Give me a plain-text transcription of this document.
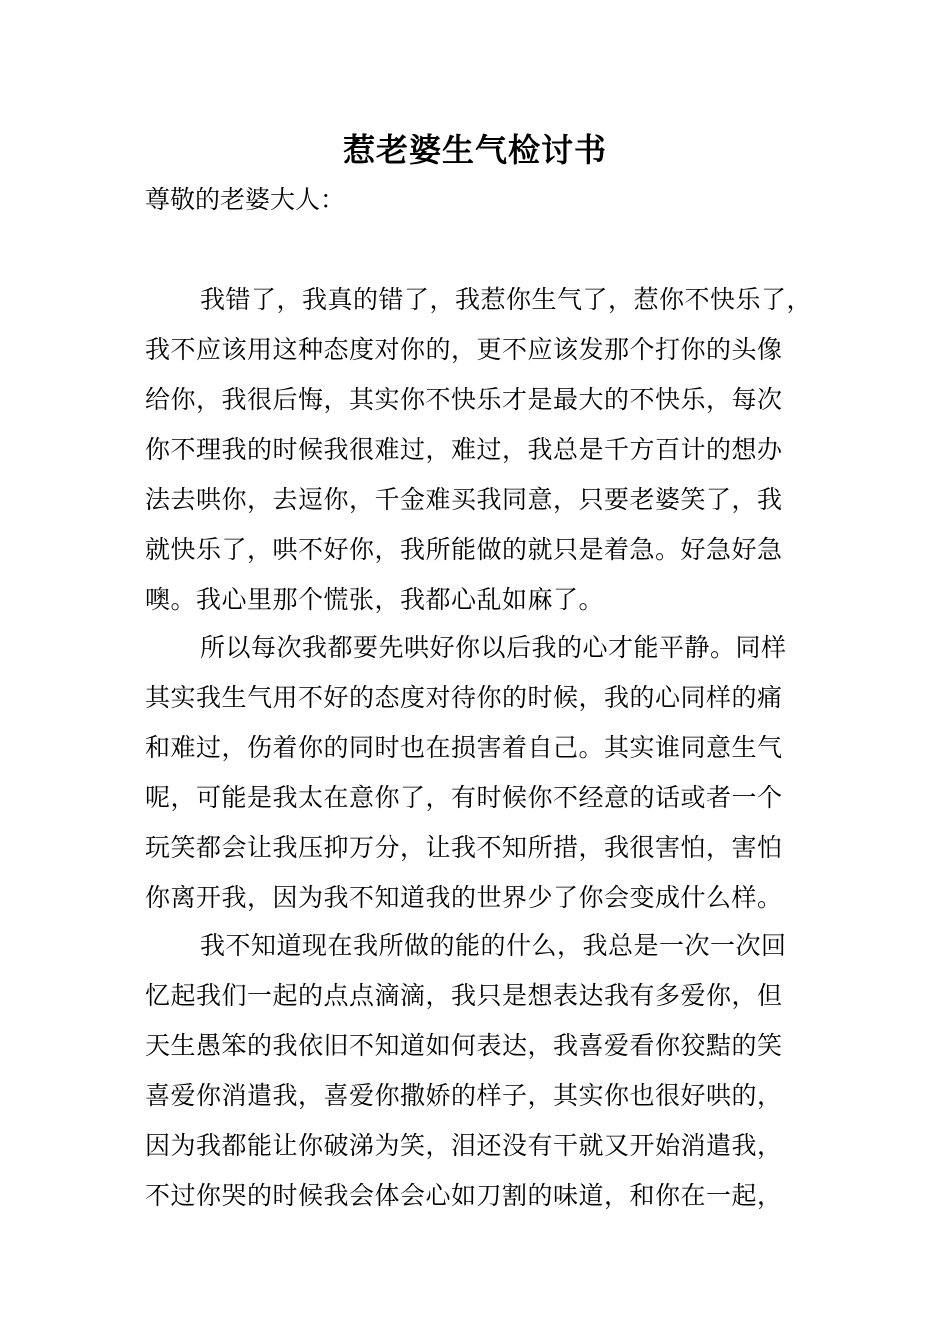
惹老婆生气检讨书
尊敬的老婆大人：
我错了，我真的错了，我惹你生气了，惹你不快乐了，
我不应该用这种态度对你的，更不应该发那个打你的头像
给你，我很后悔，其实你不快乐才是最大的不快乐，每次
你不理我的时候我很难过，难过，我总是千方百计的想办
法去哄你，去逗你，千金难买我同意，只要老婆笑了，我
就快乐了，哄不好你，我所能做的就只是着急。好急好急
噢。我心里那个慌张，我都心乱如麻了。
所以每次我都要先哄好你以后我的心才能平静。同样
其实我生气用不好的态度对待你的时候，我的心同样的痛
和难过，伤着你的同时也在损害着自己。其实谁同意生气
呢，可能是我太在意你了，有时候你不经意的话或者一个
玩笑都会让我压抑万分，让我不知所措，我很害怕，害怕
你离开我，因为我不知道我的世界少了你会变成什么样。
我不知道现在我所做的能的什么，我总是一次一次回
忆起我们一起的点点滴滴，我只是想表达我有多爱你，但
天生愚笨的我依旧不知道如何表达，我喜爱看你狡黠的笑
喜爱你消遣我，喜爱你撒娇的样子，其实你也很好哄的，
因为我都能让你破涕为笑，泪还没有干就又开始消遣我，
不过你哭的时候我会体会心如刀割的味道，和你在一起，
